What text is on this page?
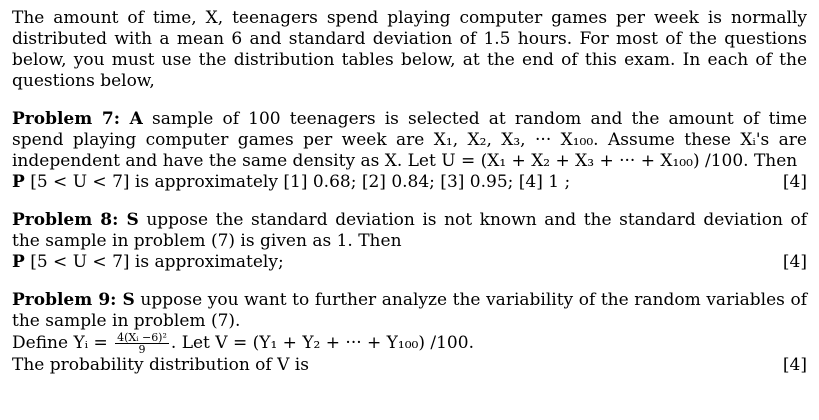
The amount of time, X, teenagers spend playing computer games per week is normally distributed with a mean 6 and standard deviation of 1.5 hours. For most of the questions below, you must use the distribution tables below, at the end of this exam. In each of the questions below,

Problem 7: A sample of 100 teenagers is selected at random and the amount of time spend playing computer games per week are X₁, X₂, X₃, ··· X₁₀₀. Assume these Xᵢ's are independent and have the same density as X. Let U = (X₁ + X₂ + X₃ + ··· + X₁₀₀) /100. Then

P [5 < U < 7] is approximately [1] 0.68; [2] 0.84; [3] 0.95; [4] 1 ;	[4]

Problem 8: S uppose the standard deviation is not known and the standard deviation of the sample in problem (7) is given as 1. Then

P [5 < U < 7] is approximately;	[4]

Problem 9: S uppose you want to further analyze the variability of the random variables of the sample in problem (7).

Define Yᵢ = $\frac{\text{4(Xᵢ −6)²}}{9}$ . Let V = (Y₁ + Y₂ + ··· + Y₁₀₀) /100.

The probability distribution of V is	[4]
